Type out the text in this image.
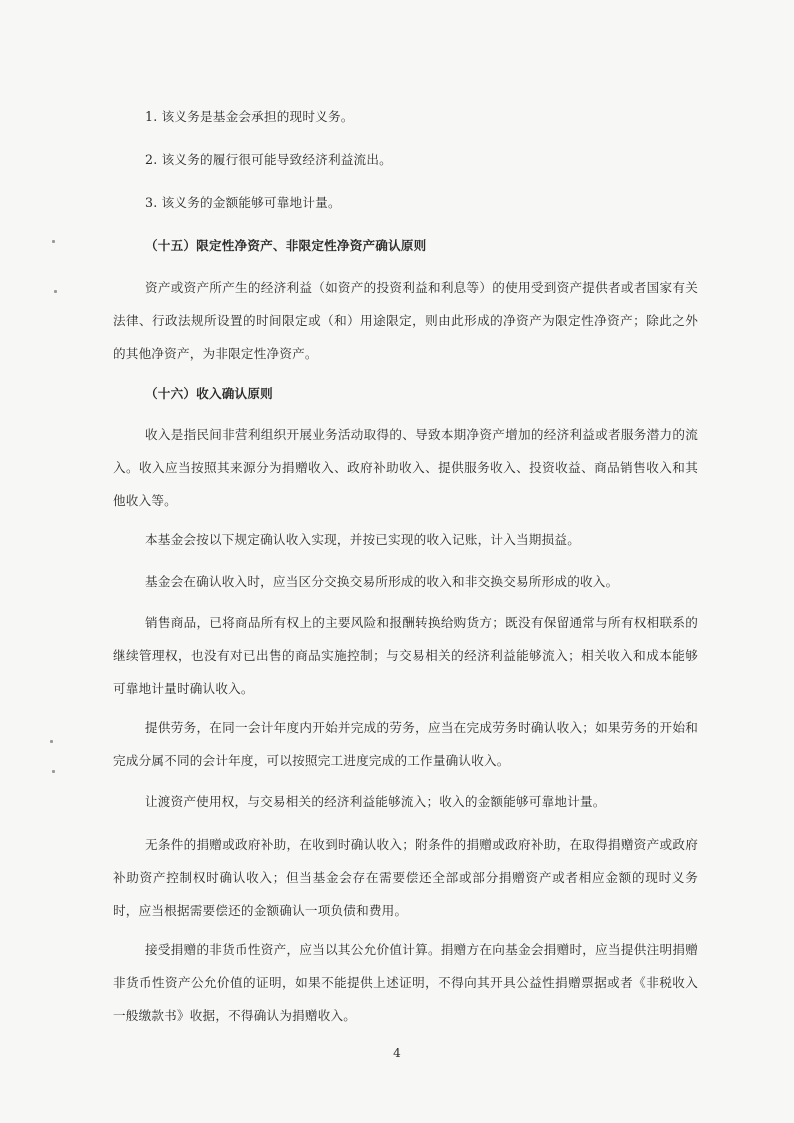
1. 该义务是基金会承担的现时义务。

2. 该义务的履行很可能导致经济利益流出。

3. 该义务的金额能够可靠地计量。

（十五）限定性净资产、非限定性净资产确认原则

资产或资产所产生的经济利益（如资产的投资利益和利息等）的使用受到资产提供者或者国家有关法律、行政法规所设置的时间限定或（和）用途限定，则由此形成的净资产为限定性净资产；除此之外的其他净资产，为非限定性净资产。

（十六）收入确认原则

收入是指民间非营利组织开展业务活动取得的、导致本期净资产增加的经济利益或者服务潜力的流入。收入应当按照其来源分为捐赠收入、政府补助收入、提供服务收入、投资收益、商品销售收入和其他收入等。

本基金会按以下规定确认收入实现，并按已实现的收入记账，计入当期损益。

基金会在确认收入时，应当区分交换交易所形成的收入和非交换交易所形成的收入。

销售商品，已将商品所有权上的主要风险和报酬转换给购货方；既没有保留通常与所有权相联系的继续管理权，也没有对已出售的商品实施控制；与交易相关的经济利益能够流入；相关收入和成本能够可靠地计量时确认收入。

提供劳务，在同一会计年度内开始并完成的劳务，应当在完成劳务时确认收入；如果劳务的开始和完成分属不同的会计年度，可以按照完工进度完成的工作量确认收入。

让渡资产使用权，与交易相关的经济利益能够流入；收入的金额能够可靠地计量。

无条件的捐赠或政府补助，在收到时确认收入；附条件的捐赠或政府补助，在取得捐赠资产或政府补助资产控制权时确认收入；但当基金会存在需要偿还全部或部分捐赠资产或者相应金额的现时义务时，应当根据需要偿还的金额确认一项负债和费用。

接受捐赠的非货币性资产，应当以其公允价值计算。捐赠方在向基金会捐赠时，应当提供注明捐赠非货币性资产公允价值的证明，如果不能提供上述证明，不得向其开具公益性捐赠票据或者《非税收入一般缴款书》收据，不得确认为捐赠收入。

4
